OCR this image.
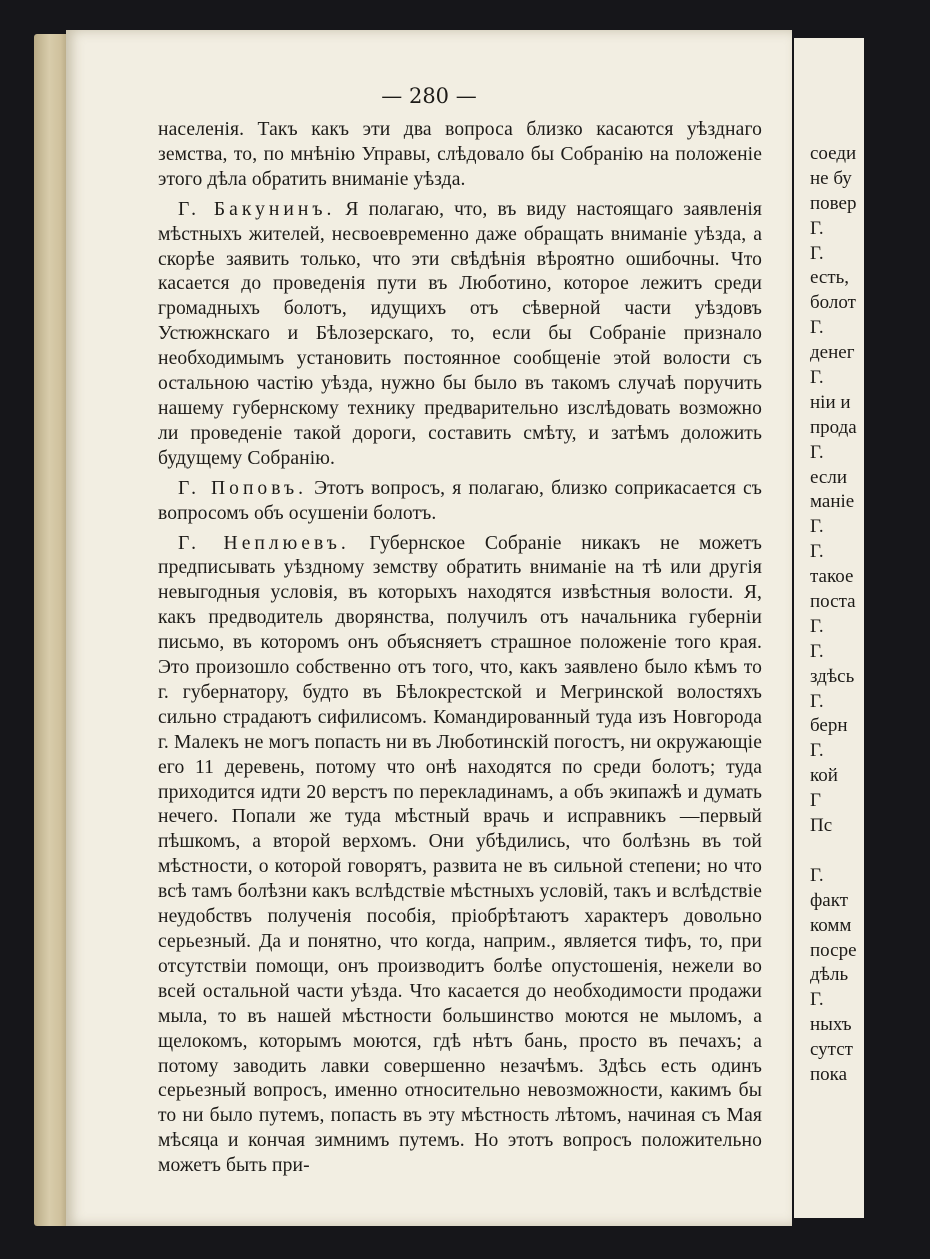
— 280 —

населенія. Такъ какъ эти два вопроса близко касаются уѣзднаго земства, то, по мнѣнію Управы, слѣдовало бы Собранію на положеніе этого дѣла обратить вниманіе уѣзда.

Г. Бакунинъ. Я полагаю, что, въ виду настоящаго заявленія мѣстныхъ жителей, несвоевременно даже обращать вниманіе уѣзда, а скорѣе заявить только, что эти свѣдѣнія вѣроятно ошибочны. Что касается до проведенія пути въ Люботино, которое лежитъ среди громадныхъ болотъ, идущихъ отъ сѣверной части уѣздовъ Устюжнскаго и Бѣлозерскаго, то, если бы Собраніе признало необходимымъ установить постоянное сообщеніе этой волости съ остальною частію уѣзда, нужно бы было въ такомъ случаѣ поручить нашему губернскому технику предварительно изслѣдовать возможно ли проведеніе такой дороги, составить смѣту, и затѣмъ доложить будущему Собранію.

Г. Поповъ. Этотъ вопросъ, я полагаю, близко соприкасается съ вопросомъ объ осушеніи болотъ.

Г. Неплюевъ. Губернское Собраніе никакъ не можетъ предписывать уѣздному земству обратить вниманіе на тѣ или другія невыгодныя условія, въ которыхъ находятся извѣстныя волости. Я, какъ предводитель дворянства, получилъ отъ начальника губерніи письмо, въ которомъ онъ объясняетъ страшное положеніе того края. Это произошло собственно отъ того, что, какъ заявлено было кѣмъ то г. губернатору, будто въ Бѣлокрестской и Мегринской волостяхъ сильно страдаютъ сифилисомъ. Командированный туда изъ Новгорода г. Малекъ не могъ попасть ни въ Люботинскій погостъ, ни окружающіе его 11 деревень, потому что онѣ находятся по среди болотъ; туда приходится идти 20 верстъ по перекладинамъ, а объ экипажѣ и думать нечего. Попали же туда мѣстный врачь и исправникъ —первый пѣшкомъ, а второй верхомъ. Они убѣдились, что болѣзнь въ той мѣстности, о которой говорятъ, развита не въ сильной степени; но что всѣ тамъ болѣзни какъ вслѣдствіе мѣстныхъ условій, такъ и вслѣдствіе неудобствъ полученія пособія, пріобрѣтаютъ характеръ довольно серьезный. Да и понятно, что когда, наприм., является тифъ, то, при отсутствіи помощи, онъ производитъ болѣе опустошенія, нежели во всей остальной части уѣзда. Что касается до необходимости продажи мыла, то въ нашей мѣстности большинство моются не мыломъ, а щелокомъ, которымъ моются, гдѣ нѣтъ бань, просто въ печахъ; а потому заводить лавки совершенно незачѣмъ. Здѣсь есть одинъ серьезный вопросъ, именно относительно невозможности, какимъ бы то ни было путемъ, попасть въ эту мѣстность лѣтомъ, начиная съ Мая мѣсяца и кончая зимнимъ путемъ. Но этотъ вопросъ положительно можетъ быть при-

соеди
не бу
повер
Г.
Г.
есть,
болот
Г.
денег
Г.
ніи и
прода
Г.
если
маніе
Г.
Г.
такое
поста
Г.
Г.
здѣсь
Г.
берн
Г.
кой
Г
Пс
Г.
факт
комм
посре
дѣль
Г.
ныхъ
сутст
пока
